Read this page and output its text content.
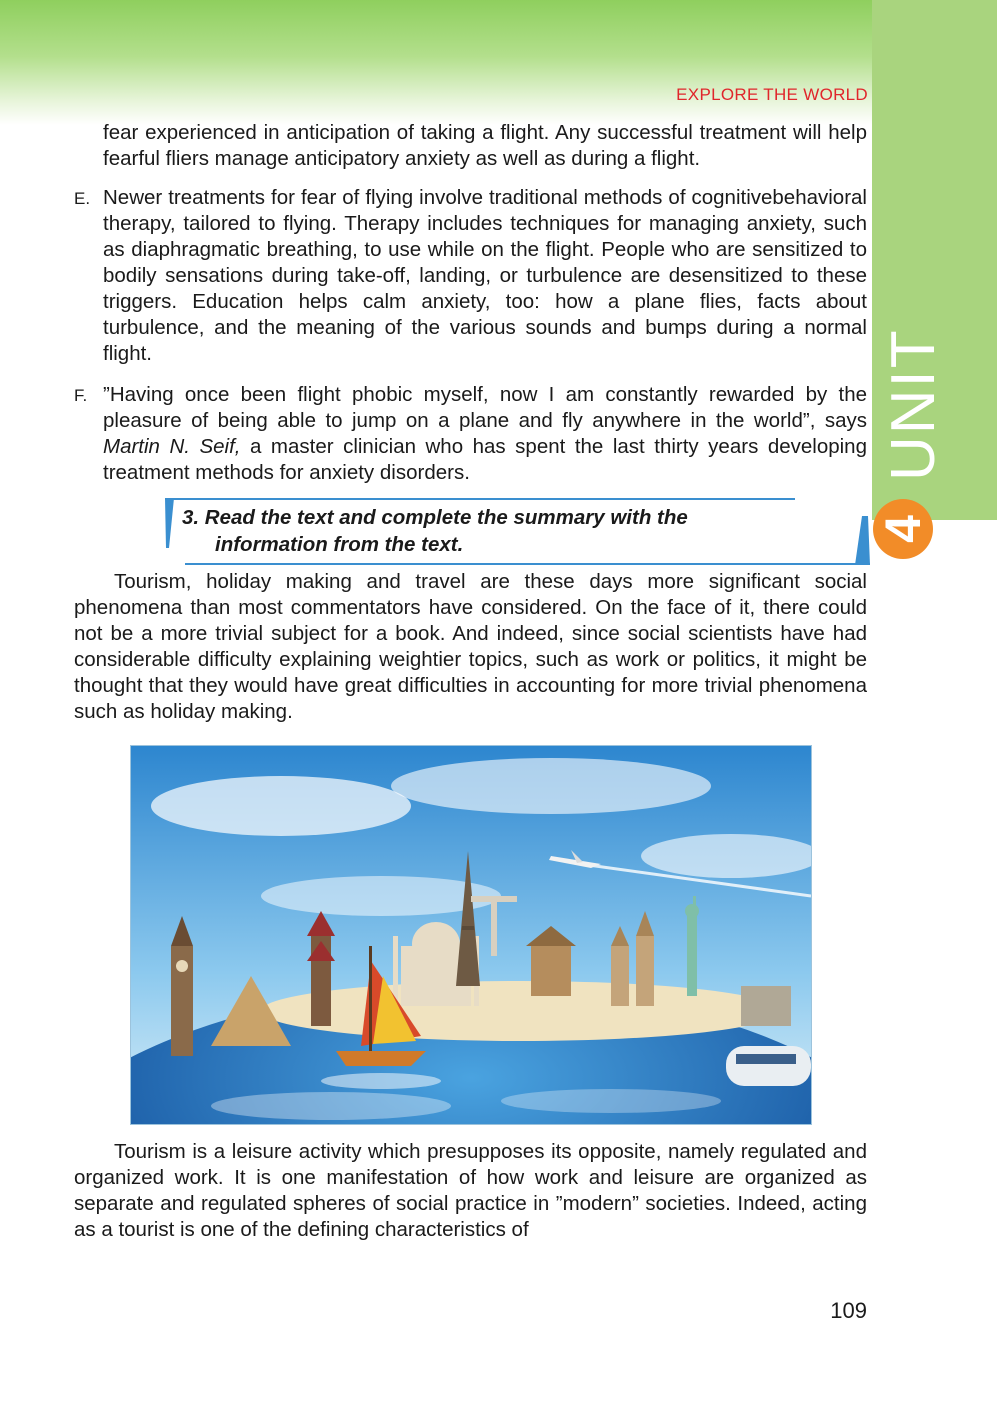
UNIT
4
EXPLORE THE WORLD
fear experienced in anticipation of taking a flight. Any successful treatment will help fearful fliers manage anticipatory anxiety as well as during a flight.
E. Newer treatments for fear of flying involve traditional methods of cognitivebehavioral therapy, tailored to flying. Therapy includes techniques for managing anxiety, such as diaphragmatic breathing, to use while on the flight. People who are sensitized to bodily sensations during take-off, landing, or turbulence are desensitized to these triggers. Education helps calm anxiety, too: how a plane flies, facts about turbulence, and the meaning of the various sounds and bumps during a normal flight.
F. ”Having once been flight phobic myself, now I am constantly rewarded by the pleasure of being able to jump on a plane and fly anywhere in the world”, says Martin N. Seif, a master clinician who has spent the last thirty years developing treatment methods for anxiety disorders.
3. Read the text and complete the summary with the
information from the text.
Tourism, holiday making and travel are these days more significant social phenomena than most commentators have considered. On the face of it, there could not be a more trivial subject for a book. And indeed, since social scientists have had considerable difficulty explaining weightier topics, such as work or politics, it might be thought that they would have great difficulties in accounting for more trivial phenomena such as holiday making.
Tourism is a leisure activity which presupposes its opposite, namely regulated and organized work. It is one manifestation of how work and leisure are organized as separate and regulated spheres of social practice in ”modern” societies. Indeed, acting as a tourist is one of the defining characteristics of
109
